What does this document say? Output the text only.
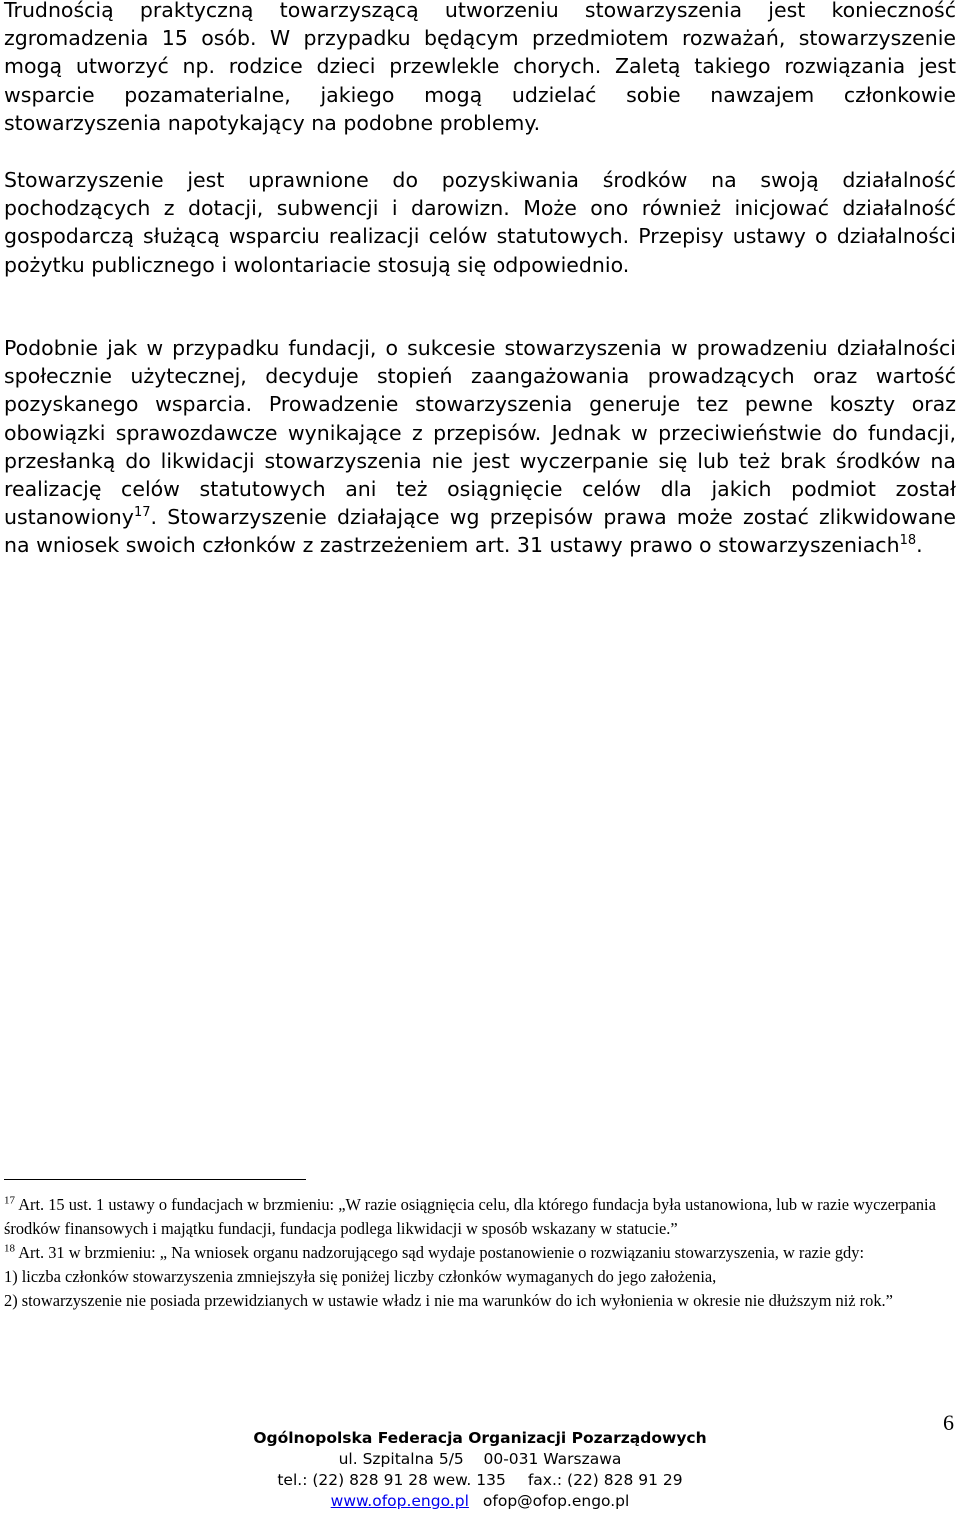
Trudnością praktyczną towarzyszącą utworzeniu stowarzyszenia jest konieczność zgromadzenia 15 osób. W przypadku będącym przedmiotem rozważań, stowarzyszenie mogą utworzyć np. rodzice dzieci przewlekle chorych. Zaletą takiego rozwiązania jest wsparcie pozamaterialne, jakiego mogą udzielać sobie nawzajem członkowie stowarzyszenia napotykający na podobne problemy.

Stowarzyszenie jest uprawnione do pozyskiwania środków na swoją działalność pochodzących z dotacji, subwencji i darowizn. Może ono również inicjować działalność gospodarczą służącą wsparciu realizacji celów statutowych. Przepisy ustawy o działalności pożytku publicznego i wolontariacie stosują się odpowiednio.

Podobnie jak w przypadku fundacji, o sukcesie stowarzyszenia w prowadzeniu działalności społecznie użytecznej, decyduje stopień zaangażowania prowadzących oraz wartość pozyskanego wsparcia. Prowadzenie stowarzyszenia generuje tez pewne koszty oraz obowiązki sprawozdawcze wynikające z przepisów. Jednak w przeciwieństwie do fundacji, przesłanką do likwidacji stowarzyszenia nie jest wyczerpanie się lub też brak środków na realizację celów statutowych ani też osiągnięcie celów dla jakich podmiot został ustanowiony$^{17}$. Stowarzyszenie działające wg przepisów prawa może zostać zlikwidowane na wniosek swoich członków z zastrzeżeniem art. 31 ustawy prawo o stowarzyszeniach$^{18}$.

$^{17}$ Art. 15 ust. 1 ustawy o fundacjach w brzmieniu: „W razie osiągnięcia celu, dla którego fundacja była ustanowiona, lub w razie wyczerpania środków finansowych i majątku fundacji, fundacja podlega likwidacji w sposób wskazany w statucie.”

$^{18}$ Art. 31 w brzmieniu: „ Na wniosek organu nadzorującego sąd wydaje postanowienie o rozwiązaniu stowarzyszenia, w razie gdy:

1) liczba członków stowarzyszenia zmniejszyła się poniżej liczby członków wymaganych do jego założenia,

2) stowarzyszenie nie posiada przewidzianych w ustawie władz i nie ma warunków do ich wyłonienia w okresie nie dłuższym niż rok.”

6
Ogólnopolska Federacja Organizacji Pozarządowych
ul. Szpitalna 5/5    00-031 Warszawa
tel.: (22) 828 91 28 wew. 135 fax.: (22) 828 91 29
www.ofop.engo.pl ofop@ofop.engo.pl
